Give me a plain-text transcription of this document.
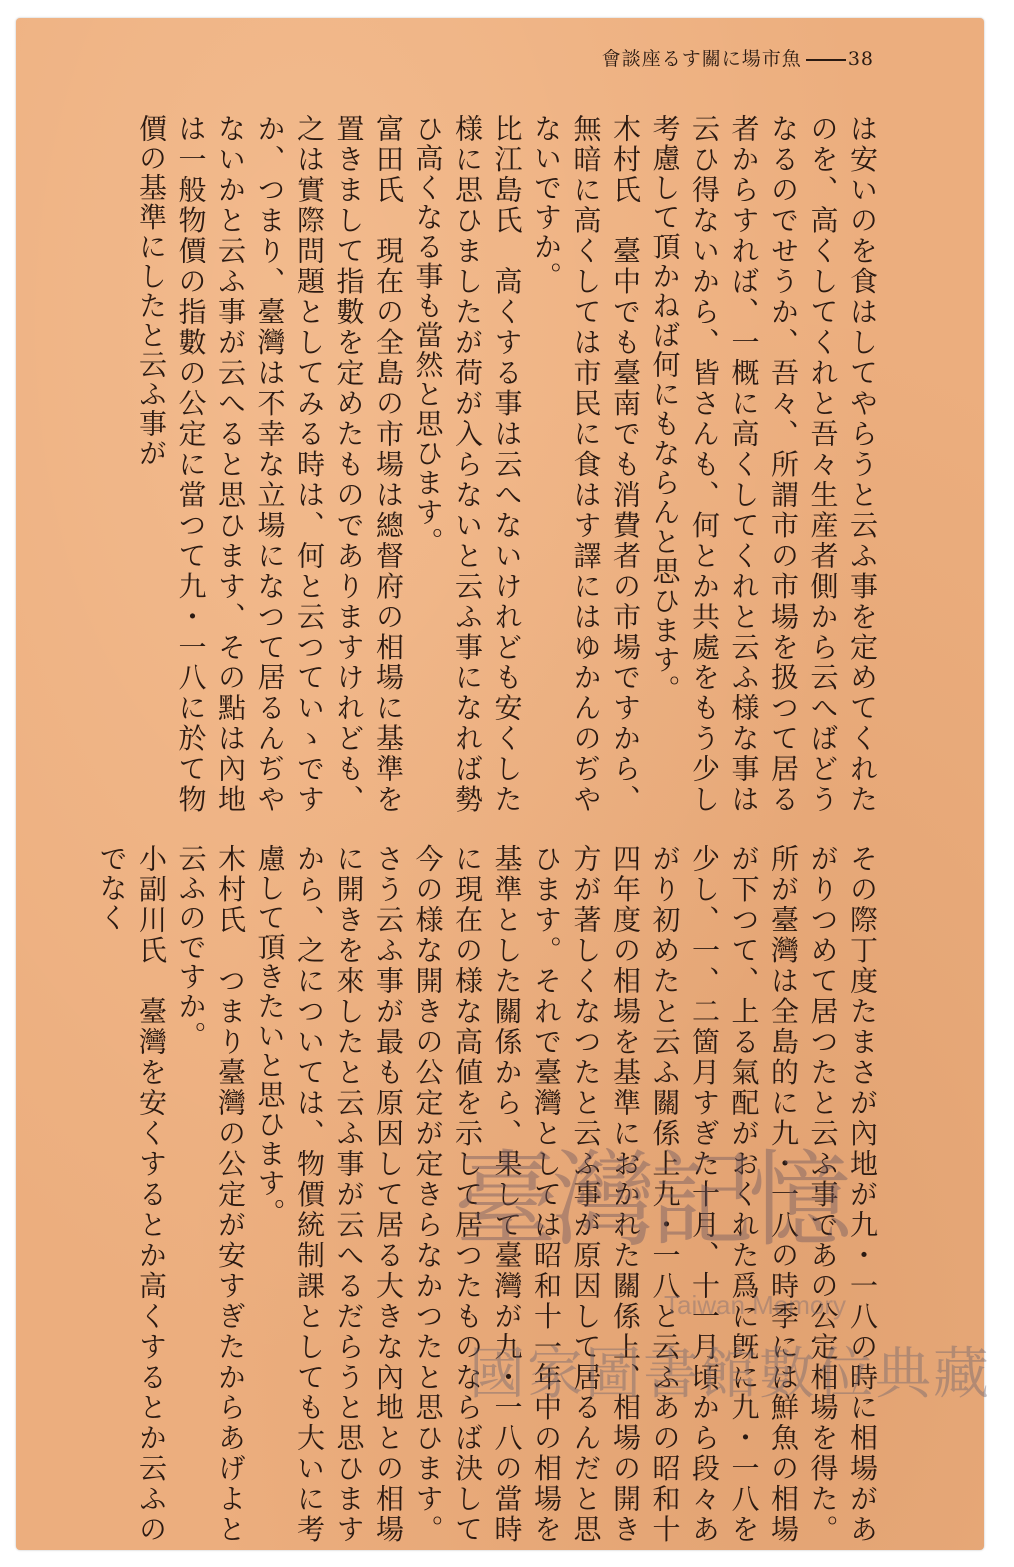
會談座るす關に場市魚 38
は安いのを食はしてやらうと云ふ事を定めてくれたのを、高くしてくれと吾々生産者側から云へばどうなるのでせうか、吾々、所謂市の市場を扱つて居る者からすれば、一概に高くしてくれと云ふ様な事は云ひ得ないから、皆さんも、何とか共處をもう少し考慮して頂かねば何にもならんと思ひます。
木村氏　臺中でも臺南でも消費者の市場ですから、無暗に高くしては市民に食はす譯にはゆかんのぢやないですか。
比江島氏　高くする事は云へないけれども安くした様に思ひましたが荷が入らないと云ふ事になれば勢ひ高くなる事も當然と思ひます。
富田氏　現在の全島の市場は總督府の相場に基準を置きまして指數を定めたものでありますけれども、之は實際問題としてみる時は、何と云つていゝですか、つまり、臺灣は不幸な立場になつて居るんぢやないかと云ふ事が云へると思ひます、その點は內地は一般物價の指數の公定に當つて九・一八に於て物價の基準にしたと云ふ事が
その際丁度たまさが內地が九・一八の時に相場があがりつめて居つたと云ふ事であの公定相場を得た。所が臺灣は全島的に九・一八の時季には鮮魚の相場が下つて、上る氣配がおくれた爲に旣に九・一八を少し、一、二箇月すぎた十月、十一月頃から段々あがり初めたと云ふ關係上九・一八と云ふあの昭和十四年度の相場を基準におかれた關係上、相場の開き方が著しくなつたと云ふ事が原因して居るんだと思ひます。それで臺灣としては昭和十一年中の相場を基準とした關係から、果して臺灣が九・一八の當時に現在の様な高値を示して居つたものならば決して今の様な開きの公定が定きらなかつたと思ひます。さう云ふ事が最も原因して居る大きな內地との相場に開きを來したと云ふ事が云へるだらうと思ひますから、之については、物價統制課としても大いに考慮して頂きたいと思ひます。
木村氏　つまり臺灣の公定が安すぎたからあげよと云ふのですか。
小副川氏　臺灣を安くするとか高くするとか云ふのでなく
臺灣記憶
Taiwan Memory
國家圖書館數位典藏
